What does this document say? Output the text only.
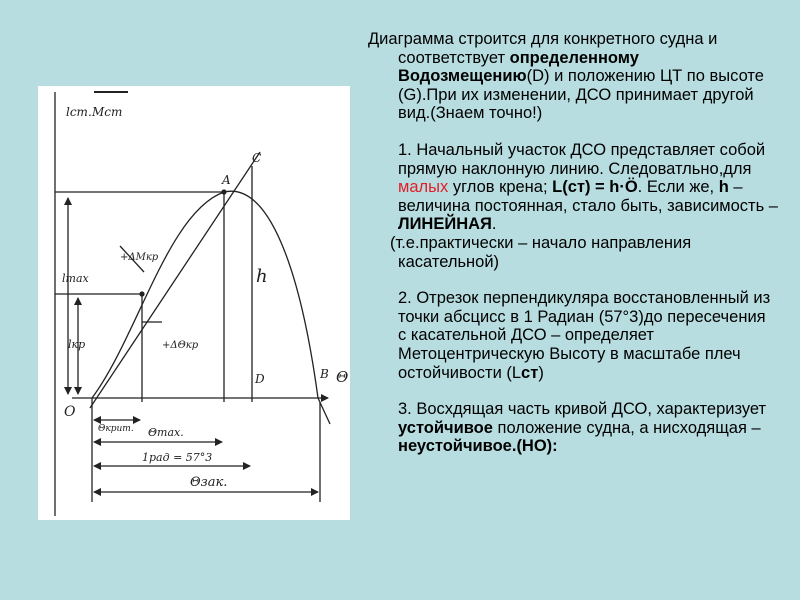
lст. Mст
lmax
lкр
O
A
C
D	B Θ
h
+ΔMкр
+ΔΘкр
Θкрит. Θmax.
1рад = 57°3
Θзак.

Диаграмма строится для конкретного судна и соответствует определенному Водозмещению(D) и положению ЦТ по высоте (G).При их изменении, ДСО принимает другой вид.(Знаем точно!)

1. Начальный участок ДСО представляет собой прямую наклонную линию. Следоватльно,для малых углов крена; L(ст) = h·Ö. Если же, h – величина постоянная, стало быть, зависимость – ЛИНЕЙНАЯ.

(т.е.практически – начало направления касательной)

2. Отрезок перпендикуляра восстановленный из точки абсцисс в 1 Радиан (57°3)до пересечения с касательной ДСО – определяет Метоцентрическую Высоту в масштабе плеч остойчивости (Lст)

3. Восхдящая часть кривой ДСО, характеризует устойчивое положение судна, а нисходящая – неустойчивое.(НО):
